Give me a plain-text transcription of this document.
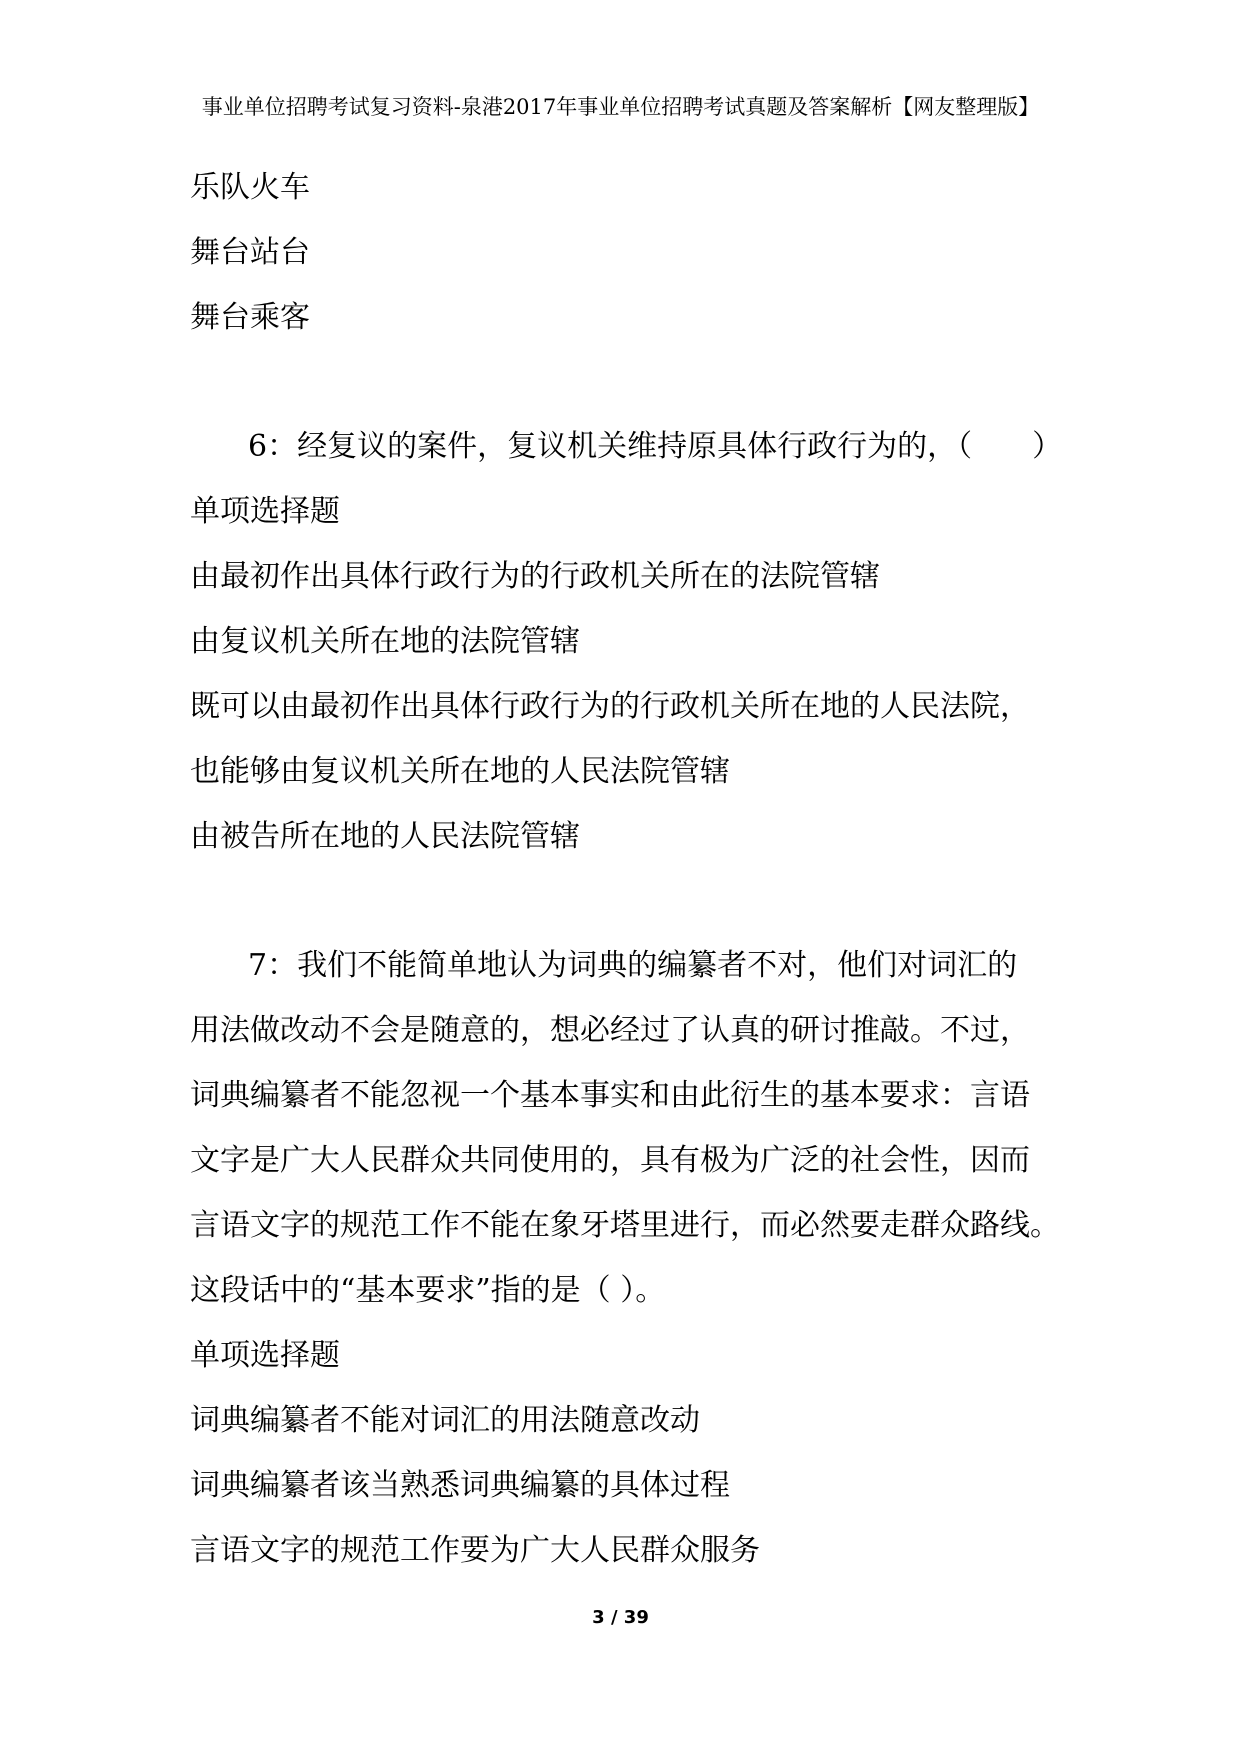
事业单位招聘考试复习资料-泉港2017年事业单位招聘考试真题及答案解析【网友整理版】
乐队火车
舞台站台
舞台乘客
6：经复议的案件，复议机关维持原具体行政行为的，（　　）
单项选择题
由最初作出具体行政行为的行政机关所在的法院管辖
由复议机关所在地的法院管辖
既可以由最初作出具体行政行为的行政机关所在地的人民法院，
也能够由复议机关所在地的人民法院管辖
由被告所在地的人民法院管辖
7：我们不能简单地认为词典的编纂者不对，他们对词汇的
用法做改动不会是随意的，想必经过了认真的研讨推敲。不过，
词典编纂者不能忽视一个基本事实和由此衍生的基本要求：言语
文字是广大人民群众共同使用的，具有极为广泛的社会性，因而
言语文字的规范工作不能在象牙塔里进行，而必然要走群众路线。
这段话中的“基本要求”指的是（ ）。
单项选择题
词典编纂者不能对词汇的用法随意改动
词典编纂者该当熟悉词典编纂的具体过程
言语文字的规范工作要为广大人民群众服务
3 / 39
